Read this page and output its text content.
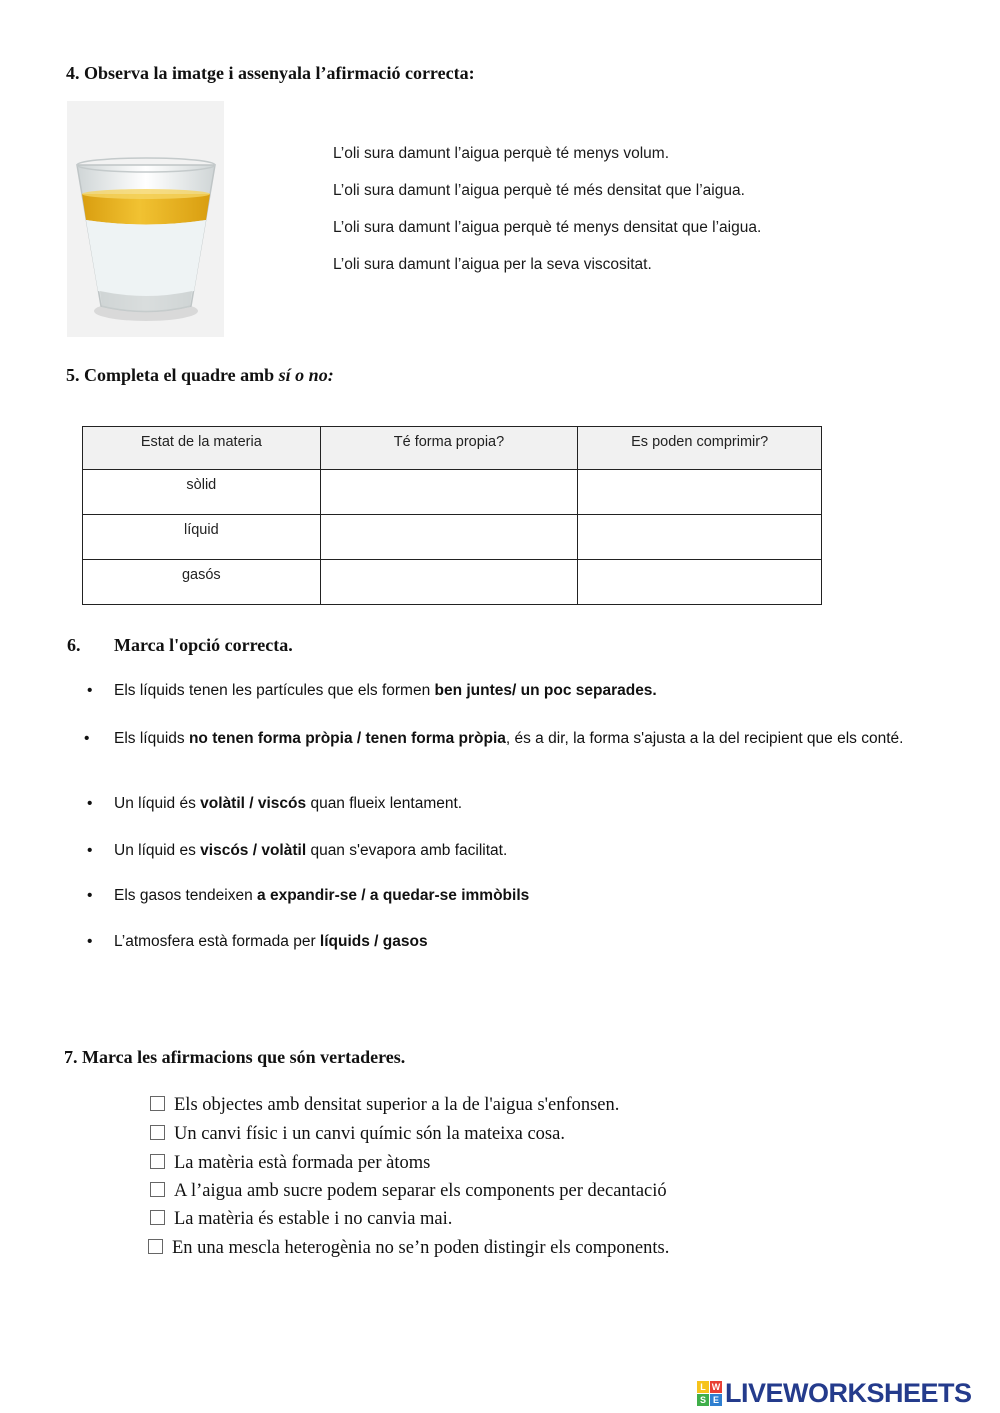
4. Observa la imatge i assenyala l’afirmació correcta:
L’oli sura damunt l’aigua perquè té menys volum.
L’oli sura damunt l’aigua perquè té més densitat que l’aigua.
L’oli sura damunt l’aigua perquè té menys densitat que l’aigua.
L’oli sura damunt l’aigua per la seva viscositat.
5. Completa el quadre amb sí o no:
Estat de la materia	Té forma propia?	Es poden comprimir?
sòlid		
líquid		
gasós		
6. Marca l'opció correcta.
• Els líquids tenen les partícules que els formen ben juntes/ un poc separades.
• Els líquids no tenen forma pròpia / tenen forma pròpia, és a dir, la forma s'ajusta a la del recipient que els conté.
• Un líquid és volàtil / viscós quan flueix lentament.
• Un líquid es viscós / volàtil quan s'evapora amb facilitat.
• Els gasos tendeixen a expandir-se / a quedar-se immòbils
• L’atmosfera està formada per líquids / gasos
7. Marca les afirmacions que són vertaderes.
Els objectes amb densitat superior a la de l'aigua s'enfonsen.
Un canvi físic i un canvi químic són la mateixa cosa.
La matèria està formada per àtoms
A l’aigua amb sucre podem separar els components per decantació
La matèria és estable i no canvia mai.
En una mescla heterogènia no se’n poden distingir els components.
L W
S E LIVEWORKSHEETS
